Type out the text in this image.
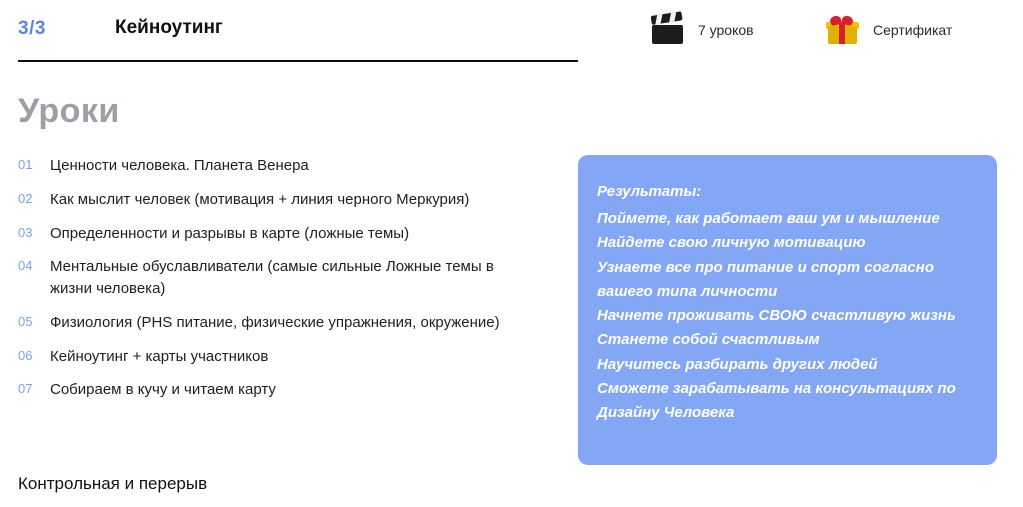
3/3	Кейноутинг	7 уроков	Сертификат
Уроки
01	Ценности человека. Планета Венера
02	Как мыслит человек (мотивация + линия черного Меркурия)
03	Определенности и разрывы в карте (ложные темы)
04	Ментальные обуславливатели (самые сильные Ложные темы в жизни человека)
05	Физиология (PHS питание, физические упражнения, окружение)
06	Кейноутинг + карты участников
07	Собираем в кучу и читаем карту
Контрольная и перерыв
Результаты:
Поймете, как работает ваш ум и мышление
Найдете свою личную мотивацию
Узнаете все про питание и спорт согласно
вашего типа личности
Начнете проживать СВОЮ счастливую жизнь
Станете собой счастливым
Научитесь разбирать других людей
Сможете зарабатывать на консультациях по
Дизайну Человека
